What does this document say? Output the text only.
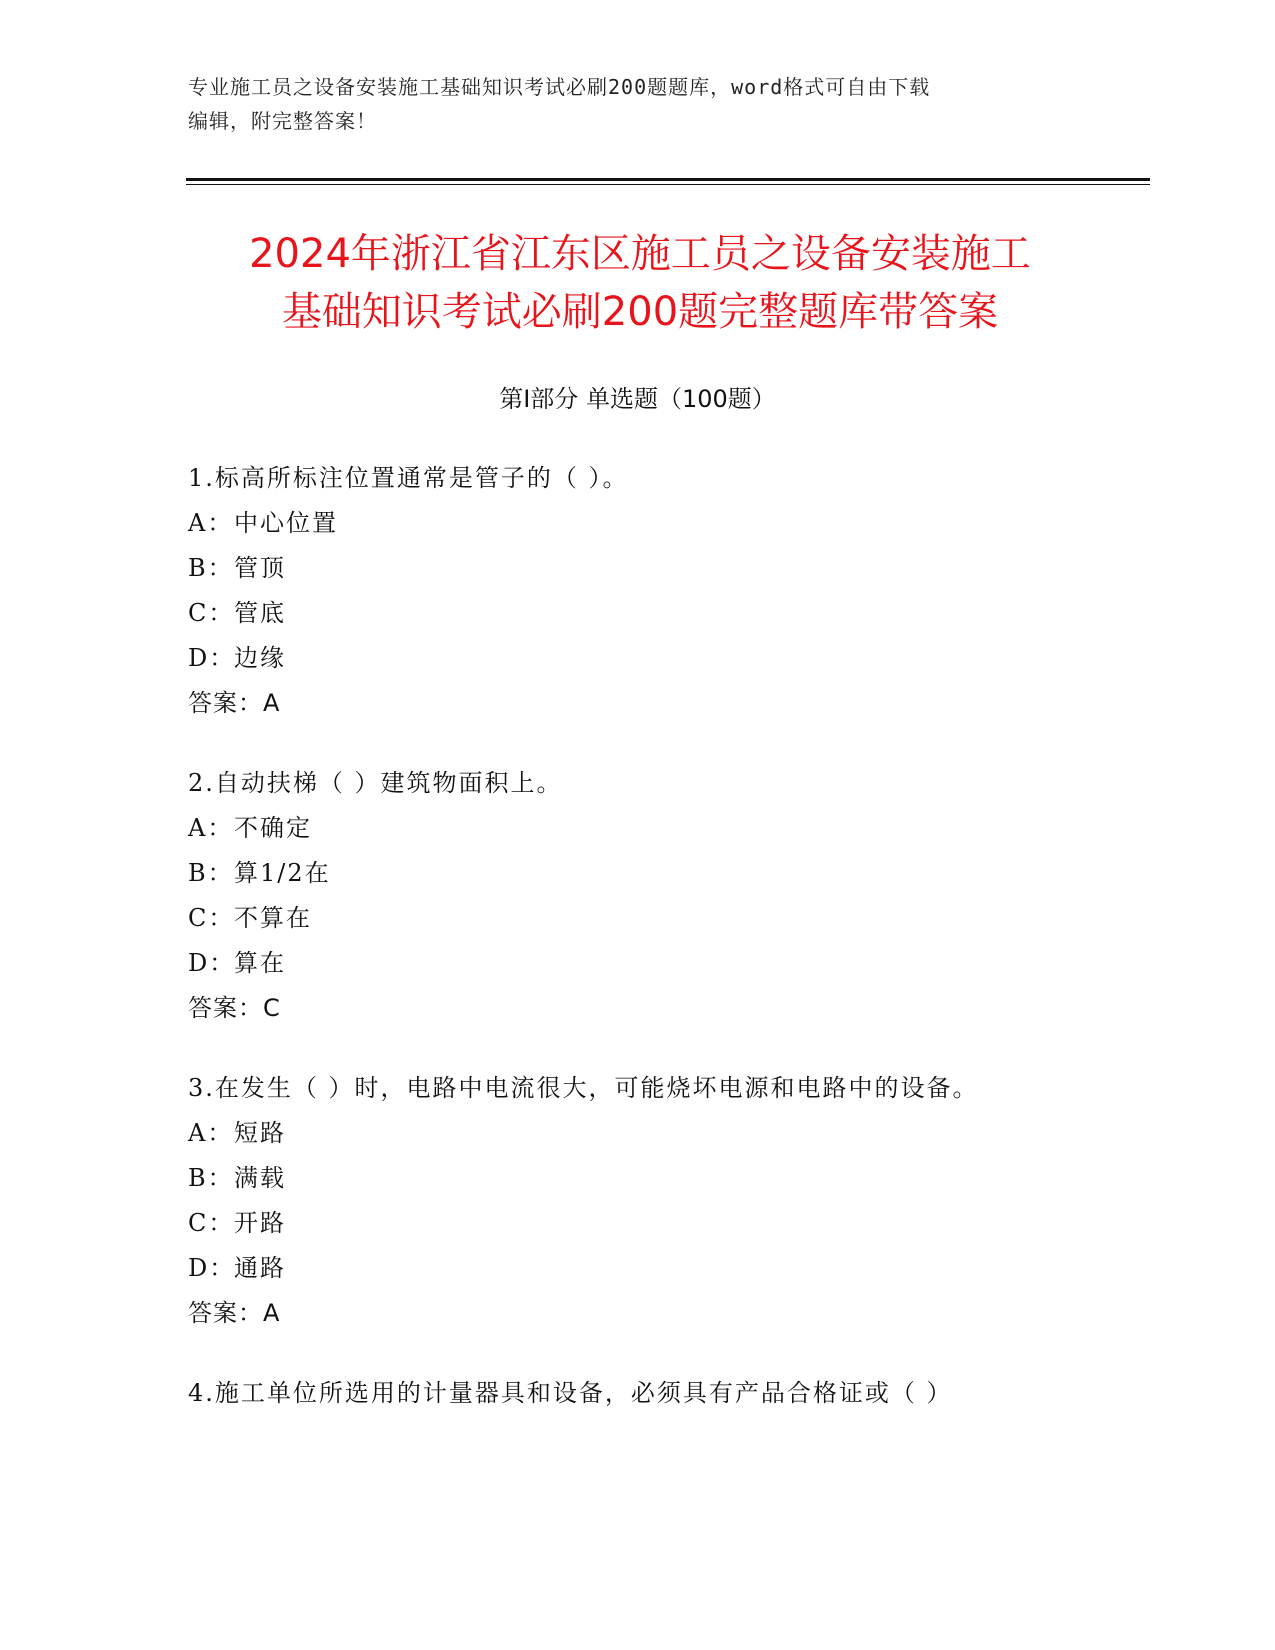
专业施工员之设备安装施工基础知识考试必刷200题题库，word格式可自由下载
编辑，附完整答案！
2024年浙江省江东区施工员之设备安装施工
基础知识考试必刷200题完整题库带答案
第Ⅰ部分 单选题（100题）
1.标高所标注位置通常是管子的（ ）。
A：中心位置
B：管顶
C：管底
D：边缘
答案：A
2.自动扶梯（ ）建筑物面积上。
A：不确定
B：算1/2在
C：不算在
D：算在
答案：C
3.在发生（ ）时，电路中电流很大，可能烧坏电源和电路中的设备。
A：短路
B：满载
C：开路
D：通路
答案：A
4.施工单位所选用的计量器具和设备，必须具有产品合格证或（ ）
